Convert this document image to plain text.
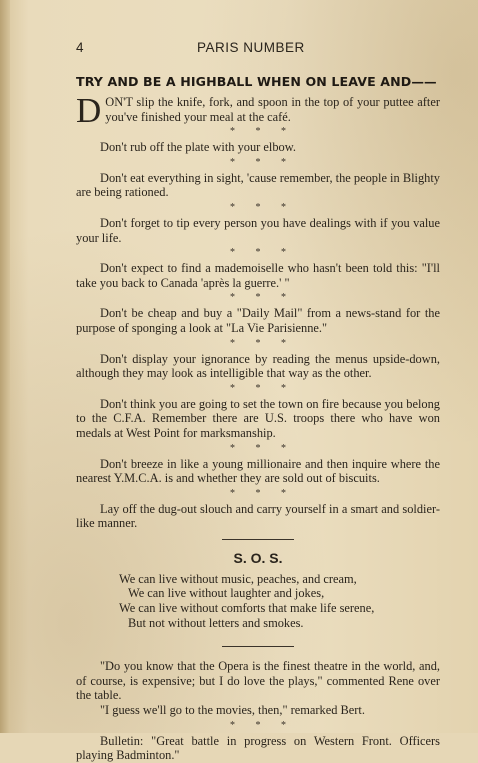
4	PARIS NUMBER
TRY AND BE A HIGHBALL WHEN ON LEAVE AND——

DON'T slip the knife, fork, and spoon in the top of your puttee after you've finished your meal at the café.

* * *

Don't rub off the plate with your elbow.

* * *

Don't eat everything in sight, 'cause remember, the people in Blighty are being rationed.

* * *

Don't forget to tip every person you have dealings with if you value your life.

* * *

Don't expect to find a mademoiselle who hasn't been told this: "I'll take you back to Canada 'après la guerre.' "

* * *

Don't be cheap and buy a "Daily Mail" from a news-stand for the purpose of sponging a look at "La Vie Parisienne."

* * *

Don't display your ignorance by reading the menus upside-down, although they may look as intelligible that way as the other.

* * *

Don't think you are going to set the town on fire because you belong to the C.F.A. Remember there are U.S. troops there who have won medals at West Point for marksmanship.

* * *

Don't breeze in like a young millionaire and then inquire where the nearest Y.M.C.A. is and whether they are sold out of biscuits.

* * *

Lay off the dug-out slouch and carry yourself in a smart and soldier-like manner.

S. O. S.
We can live without music, peaches, and cream,
We can live without laughter and jokes,
We can live without comforts that make life serene,
But not without letters and smokes.

"Do you know that the Opera is the finest theatre in the world, and, of course, is expensive; but I do love the plays," commented Rene over the table.

"I guess we'll go to the movies, then," remarked Bert.

* * *

Bulletin: "Great battle in progress on Western Front. Officers playing Badminton."
